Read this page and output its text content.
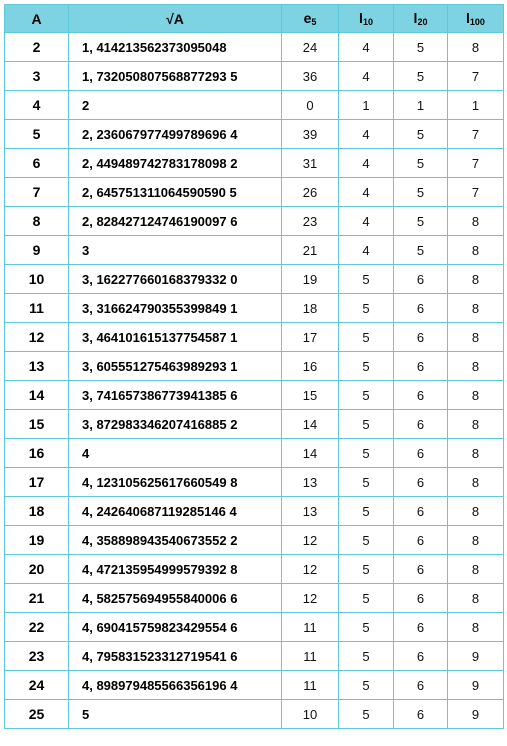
A	√A	$e_5$	$l_{10}$	$l_{20}$	$l_{100}$
2	1, 414213562373095048	24	4	5	8
3	1, 732050807568877293 5	36	4	5	7
4	2	0	1	1	1
5	2, 236067977499789696 4	39	4	5	7
6	2, 449489742783178098 2	31	4	5	7
7	2, 645751311064590590 5	26	4	5	7
8	2, 828427124746190097 6	23	4	5	8
9	3	21	4	5	8
10	3, 162277660168379332 0	19	5	6	8
11	3, 316624790355399849 1	18	5	6	8
12	3, 464101615137754587 1	17	5	6	8
13	3, 605551275463989293 1	16	5	6	8
14	3, 741657386773941385 6	15	5	6	8
15	3, 872983346207416885 2	14	5	6	8
16	4	14	5	6	8
17	4, 123105625617660549 8	13	5	6	8
18	4, 242640687119285146 4	13	5	6	8
19	4, 358898943540673552 2	12	5	6	8
20	4, 472135954999579392 8	12	5	6	8
21	4, 582575694955840006 6	12	5	6	8
22	4, 690415759823429554 6	11	5	6	8
23	4, 795831523312719541 6	11	5	6	9
24	4, 898979485566356196 4	11	5	6	9
25	5	10	5	6	9
